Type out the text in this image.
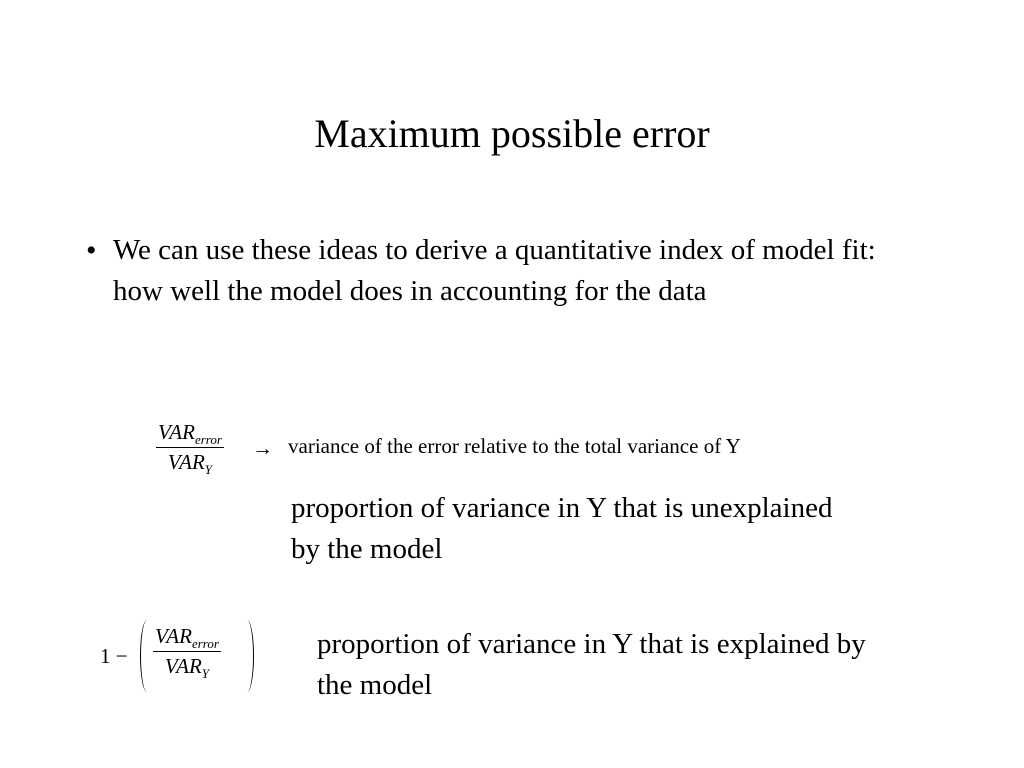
Maximum possible error
• We can use these ideas to derive a quantitative index of model fit: how well the model does in accounting for the data
$VAR_{error}$
$VAR_Y$
→ variance of the error relative to the total variance of Y
proportion of variance in Y that is unexplained by the model
1 −
$VAR_{error}$
$VAR_Y$
proportion of variance in Y that is explained by the model
